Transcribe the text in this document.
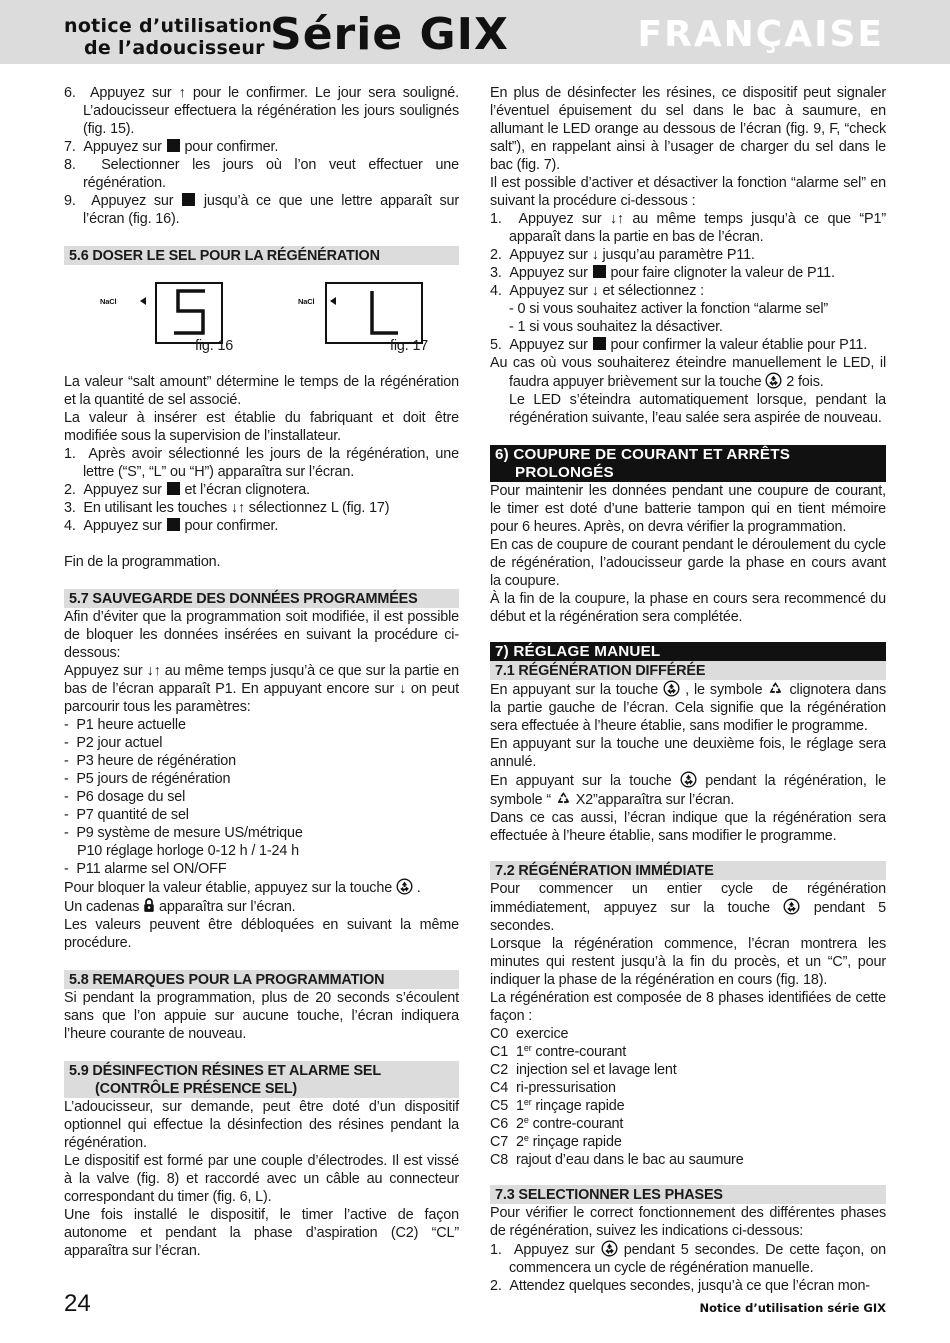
notice d’utilisation
de l’adoucisseur Série GIX	FRANÇAISE
6. Appuyez sur ↑ pour le confirmer. Le jour sera souligné. L’adoucisseur effectuera la régénération les jours soulignés (fig. 15).
7. Appuyez sur  pour confirmer.
8. Selectionner les jours où l’on veut effectuer une régénération.
9. Appuyez sur  jusqu’à ce que une lettre apparaît sur l’écran (fig. 16).
5.6 DOSER LE SEL POUR LA RÉGÉNÉRATION
NaCl	NaCl
fig. 16	fig. 17

La valeur “salt amount” détermine le temps de la régénération et la quantité de sel associé.

La valeur à insérer est établie du fabriquant et doit être modifiée sous la supervision de l’installateur.

1. Après avoir sélectionné les jours de la régénération, une lettre (“S”, “L” ou “H”) apparaîtra sur l’écran.
2. Appuyez sur  et l’écran clignotera.
3. En utilisant les touches ↓↑ sélectionnez L (fig. 17)
4. Appuyez sur  pour confirmer.

Fin de la programmation.

5.7 SAUVEGARDE DES DONNÉES PROGRAMMÉES

Afin d’éviter que la programmation soit modifiée, il est possible de bloquer les données insérées en suivant la procédure ci-dessous:

Appuyez sur ↓↑ au même temps jusqu’à ce que sur la partie en bas de l’écran apparaît P1. En appuyant encore sur ↓ on peut parcourir tous les paramètres:

-  P1 heure actuelle
-  P2 jour actuel
-  P3 heure de régénération
-  P5 jours de régénération
-  P6 dosage du sel
-  P7 quantité de sel
-  P9 système de mesure US/métrique
P10 réglage horloge 0-12 h / 1-24 h
-  P11 alarme sel ON/OFF

Pour bloquer la valeur établie, appuyez sur la touche  .

Un cadenas  apparaîtra sur l’écran.

Les valeurs peuvent être débloquées en suivant la même procédure.

5.8 REMARQUES POUR LA PROGRAMMATION

Si pendant la programmation, plus de 20 seconds s’écoulent sans que l’on appuie sur aucune touche, l’écran indiquera l’heure courante de nouveau.

5.9 DÉSINFECTION RÉSINES ET ALARME SEL
(CONTRÔLE PRÉSENCE SEL)

L’adoucisseur, sur demande, peut être doté d’un dispositif optionnel qui effectue la désinfection des résines pendant la régénération.

Le dispositif est formé par une couple d’électrodes. Il est vissé à la valve (fig. 8) et raccordé avec un câble au connecteur correspondant du timer (fig. 6, L).

Une fois installé le dispositif, le timer l’active de façon autonome et pendant la phase d’aspiration (C2) “CL” apparaîtra sur l’écran.

En plus de désinfecter les résines, ce dispositif peut signaler l’éventuel épuisement du sel dans le bac à saumure, en allumant le LED orange au dessous de l’écran (fig. 9, F, “check salt”), en rappelant ainsi à l’usager de charger du sel dans le bac (fig. 7).

Il est possible d’activer et désactiver la fonction “alarme sel” en suivant la procédure ci-dessous :

1. Appuyez sur ↓↑ au même temps jusqu’à ce que “P1” apparaît dans la partie en bas de l’écran.
2. Appuyez sur ↓ jusqu’au paramètre P11.
3. Appuyez sur  pour faire clignoter la valeur de P11.
4. Appuyez sur ↓ et sélectionnez :
- 0 si vous souhaitez activer la fonction “alarme sel”
- 1 si vous souhaitez la désactiver.
5. Appuyez sur  pour confirmer la valeur établie pour P11.
Au cas où vous souhaiterez éteindre manuellement le LED, il faudra appuyer brièvement sur la touche  2 fois.
Le LED s’éteindra automatiquement lorsque, pendant la régénération suivante, l’eau salée sera aspirée de nouveau.
6) COUPURE DE COURANT ET ARRÊTS
PROLONGÉS

Pour maintenir les données pendant une coupure de courant, le timer est doté d’une batterie tampon qui en tient mémoire pour 6 heures. Après, on devra vérifier la programmation.

En cas de coupure de courant pendant le déroulement du cycle de régénération, l’adoucisseur garde la phase en cours avant la coupure.

À la fin de la coupure, la phase en cours sera recommencé du début et la régénération sera complétée.

7) RÉGLAGE MANUEL
7.1 RÉGÉNÉRATION DIFFÉRÉE

En appuyant sur la touche  , le symbole  clignotera dans la partie gauche de l’écran. Cela signifie que la régénération sera effectuée à l’heure établie, sans modifier le programme.

En appuyant sur la touche une deuxième fois, le réglage sera annulé.

En appuyant sur la touche  pendant la régénération, le symbole “  X2”apparaîtra sur l’écran.

Dans ce cas aussi, l’écran indique que la régénération sera effectuée à l’heure établie, sans modifier le programme.

7.2 RÉGÉNÉRATION IMMÉDIATE

Pour commencer un entier cycle de régénération immédiatement, appuyez sur la touche  pendant 5 secondes.

Lorsque la régénération commence, l’écran montrera les minutes qui restent jusqu’à la fin du procès, et un “C”, pour indiquer la phase de la régénération en cours (fig. 18).

La régénération est composée de 8 phases identifiées de cette façon :

C0 exercice
C1 1er contre-courant
C2 injection sel et lavage lent
C4 ri-pressurisation
C5 1er rinçage rapide
C6 2e contre-courant
C7 2e rinçage rapide
C8 rajout d’eau dans le bac au saumure
7.3 SELECTIONNER LES PHASES

Pour vérifier le correct fonctionnement des différentes phases de régénération, suivez les indications ci-dessous:

1. Appuyez sur  pendant 5 secondes. De cette façon, on commencera un cycle de régénération manuelle.
2. Attendez quelques secondes, jusqu’à ce que l’écran mon-
24	Notice d’utilisation série GIX
